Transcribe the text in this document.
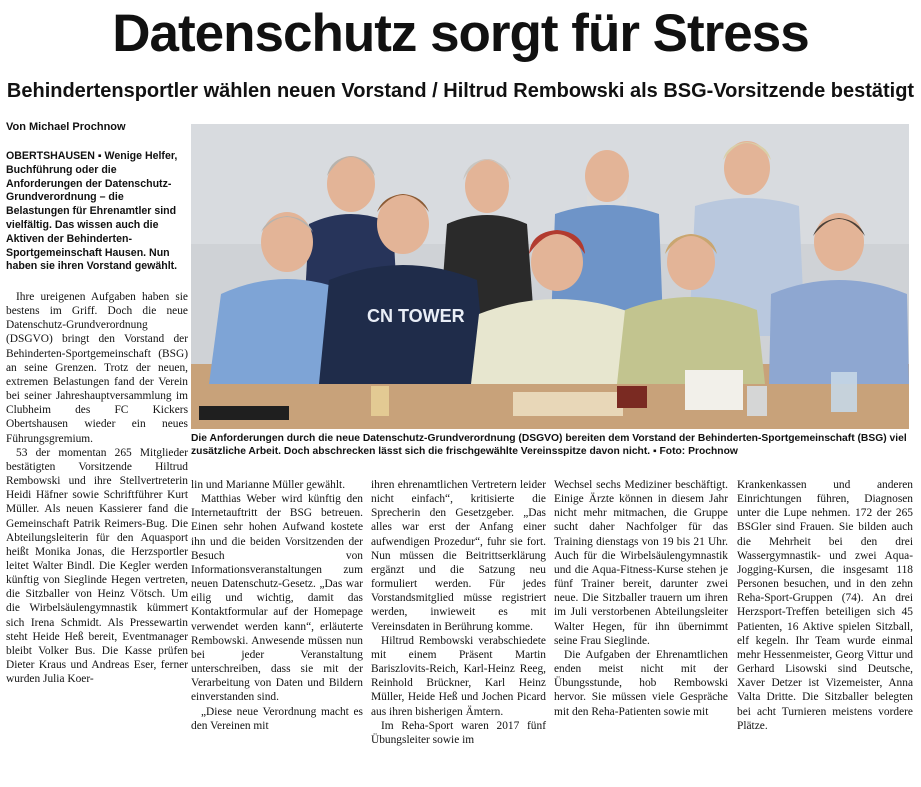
Datenschutz sorgt für Stress
Behindertensportler wählen neuen Vorstand / Hiltrud Rembowski als BSG-Vorsitzende bestätigt
Von Michael Prochnow

OBERTSHAUSEN ▪ Wenige Helfer, Buchführung oder die Anforderungen der Datenschutz-Grundverordnung – die Belastungen für Ehrenamtler sind vielfältig. Das wissen auch die Aktiven der Behinderten-Sportgemeinschaft Hausen. Nun haben sie ihren Vorstand gewählt.

Ihre ureigenen Aufgaben haben sie bestens im Griff. Doch die neue Datenschutz-Grundverordnung (DSGVO) bringt den Vorstand der Behinderten-Sportgemeinschaft (BSG) an seine Grenzen. Trotz der neuen, extremen Belastungen fand der Verein bei seiner Jahreshauptversammlung im Clubheim des FC Kickers Obertshausen wieder ein neues Führungsgremium.

53 der momentan 265 Mitglieder bestätigten Vorsitzende Hiltrud Rembowski und ihre Stellvertreterin Heidi Häfner sowie Schriftführer Kurt Müller. Als neuen Kassierer fand die Gemeinschaft Patrik Reimers-Bug. Die Abteilungsleiterin für den Aquasport heißt Monika Jonas, die Herzsportler leitet Walter Bindl. Die Kegler werden künftig von Sieglinde Hegen vertreten, die Sitzballer von Heinz Vötsch. Um die Wirbelsäulengymnastik kümmert sich Irena Schmidt. Als Pressewartin steht Heide Heß bereit, Eventmanager bleibt Volker Bus. Die Kasse prüfen Dieter Kraus und Andreas Eser, ferner wurden Julia Koer-

CN TOWER

Die Anforderungen durch die neue Datenschutz-Grundverordnung (DSGVO) bereiten dem Vorstand der Behinderten-Sportgemeinschaft (BSG) viel zusätzliche Arbeit. Doch abschrecken lässt sich die frischgewählte Vereinsspitze davon nicht. ▪ Foto: Prochnow

lin und Marianne Müller gewählt.

Matthias Weber wird künftig den Internetauftritt der BSG betreuen. Einen sehr hohen Aufwand kostete ihn und die beiden Vorsitzenden der Besuch von Informationsveranstaltungen zum neuen Datenschutz-Gesetz. „Das war eilig und wichtig, damit das Kontaktformular auf der Homepage verwendet werden kann“, erläuterte Rembowski. Anwesende müssen nun bei jeder Veranstaltung unterschreiben, dass sie mit der Verarbeitung von Daten und Bildern einverstanden sind.

„Diese neue Verordnung macht es den Vereinen mit

ihren ehrenamtlichen Vertretern leider nicht einfach“, kritisierte die Sprecherin den Gesetzgeber. „Das alles war erst der Anfang einer aufwendigen Prozedur“, fuhr sie fort. Nun müssen die Beitrittserklärung ergänzt und die Satzung neu formuliert werden. Für jedes Vorstandsmitglied müsse registriert werden, inwieweit es mit Vereinsdaten in Berührung komme.

Hiltrud Rembowski verabschiedete mit einem Präsent Martin Bariszlovits-Reich, Karl-Heinz Reeg, Reinhold Brückner, Karl Heinz Müller, Heide Heß und Jochen Picard aus ihren bisherigen Ämtern.

Im Reha-Sport waren 2017 fünf Übungsleiter sowie im

Wechsel sechs Mediziner beschäftigt. Einige Ärzte können in diesem Jahr nicht mehr mitmachen, die Gruppe sucht daher Nachfolger für das Training dienstags von 19 bis 21 Uhr. Auch für die Wirbelsäulengymnastik und die Aqua-Fitness-Kurse stehen je fünf Trainer bereit, darunter zwei neue. Die Sitzballer trauern um ihren im Juli verstorbenen Abteilungsleiter Walter Hegen, für ihn übernimmt seine Frau Sieglinde.

Die Aufgaben der Ehrenamtlichen enden meist nicht mit der Übungsstunde, hob Rembowski hervor. Sie müssen viele Gespräche mit den Reha-Patienten sowie mit

Krankenkassen und anderen Einrichtungen führen, Diagnosen unter die Lupe nehmen. 172 der 265 BSGler sind Frauen. Sie bilden auch die Mehrheit bei den drei Wassergymnastik- und zwei Aqua-Jogging-Kursen, die insgesamt 118 Personen besuchen, und in den zehn Reha-Sport-Gruppen (74). An drei Herzsport-Treffen beteiligen sich 45 Patienten, 16 Aktive spielen Sitzball, elf kegeln. Ihr Team wurde einmal mehr Hessenmeister, Georg Vittur und Gerhard Lisowski sind Deutsche, Xaver Detzer ist Vizemeister, Anna Valta Dritte. Die Sitzballer belegten bei acht Turnieren meistens vordere Plätze.
